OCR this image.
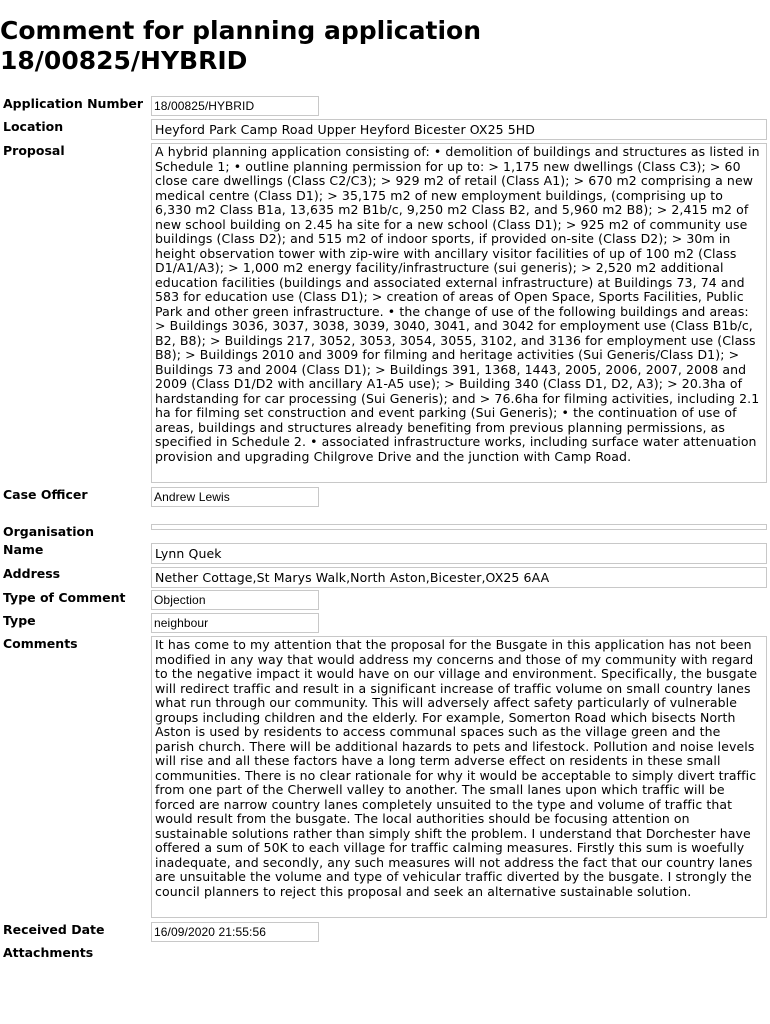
Comment for planning application 18/00825/HYBRID
Application Number 18/00825/HYBRID
Location	Heyford Park Camp Road Upper Heyford Bicester OX25 5HD
Proposal	A hybrid planning application consisting of: • demolition of buildings and structures as listed in Schedule 1; • outline planning permission for up to: > 1,175 new dwellings (Class C3); > 60 close care dwellings (Class C2/C3); > 929 m2 of retail (Class A1); > 670 m2 comprising a new medical centre (Class D1); > 35,175 m2 of new employment buildings, (comprising up to 6,330 m2 Class B1a, 13,635 m2 B1b/c, 9,250 m2 Class B2, and 5,960 m2 B8); > 2,415 m2 of new school building on 2.45 ha site for a new school (Class D1); > 925 m2 of community use buildings (Class D2); and 515 m2 of indoor sports, if provided on-site (Class D2); > 30m in height observation tower with zip-wire with ancillary visitor facilities of up of 100 m2 (Class D1/A1/A3); > 1,000 m2 energy facility/infrastructure (sui generis); > 2,520 m2 additional education facilities (buildings and associated external infrastructure) at Buildings 73, 74 and 583 for education use (Class D1); > creation of areas of Open Space, Sports Facilities, Public Park and other green infrastructure. • the change of use of the following buildings and areas: > Buildings 3036, 3037, 3038, 3039, 3040, 3041, and 3042 for employment use (Class B1b/c, B2, B8); > Buildings 217, 3052, 3053, 3054, 3055, 3102, and 3136 for employment use (Class B8); > Buildings 2010 and 3009 for filming and heritage activities (Sui Generis/Class D1); > Buildings 73 and 2004 (Class D1); > Buildings 391, 1368, 1443, 2005, 2006, 2007, 2008 and 2009 (Class D1/D2 with ancillary A1-A5 use); > Building 340 (Class D1, D2, A3); > 20.3ha of hardstanding for car processing (Sui Generis); and > 76.6ha for filming activities, including 2.1 ha for filming set construction and event parking (Sui Generis); • the continuation of use of areas, buildings and structures already benefiting from previous planning permissions, as specified in Schedule 2. • associated infrastructure works, including surface water attenuation provision and upgrading Chilgrove Drive and the junction with Camp Road.
Case Officer	Andrew Lewis
Organisation
Name	Lynn Quek
Address	Nether Cottage,St Marys Walk,North Aston,Bicester,OX25 6AA
Type of Comment Objection
Type	neighbour
Comments	It has come to my attention that the proposal for the Busgate in this application has not been modified in any way that would address my concerns and those of my community with regard to the negative impact it would have on our village and environment. Specifically, the busgate will redirect traffic and result in a significant increase of traffic volume on small country lanes what run through our community. This will adversely affect safety particularly of vulnerable groups including children and the elderly. For example, Somerton Road which bisects North Aston is used by residents to access communal spaces such as the village green and the parish church. There will be additional hazards to pets and lifestock. Pollution and noise levels will rise and all these factors have a long term adverse effect on residents in these small communities. There is no clear rationale for why it would be acceptable to simply divert traffic from one part of the Cherwell valley to another. The small lanes upon which traffic will be forced are narrow country lanes completely unsuited to the type and volume of traffic that would result from the busgate. The local authorities should be focusing attention on sustainable solutions rather than simply shift the problem. I understand that Dorchester have offered a sum of 50K to each village for traffic calming measures. Firstly this sum is woefully inadequate, and secondly, any such measures will not address the fact that our country lanes are unsuitable the volume and type of vehicular traffic diverted by the busgate. I strongly the council planners to reject this proposal and seek an alternative sustainable solution.
Received Date	16/09/2020 21:55:56
Attachments
